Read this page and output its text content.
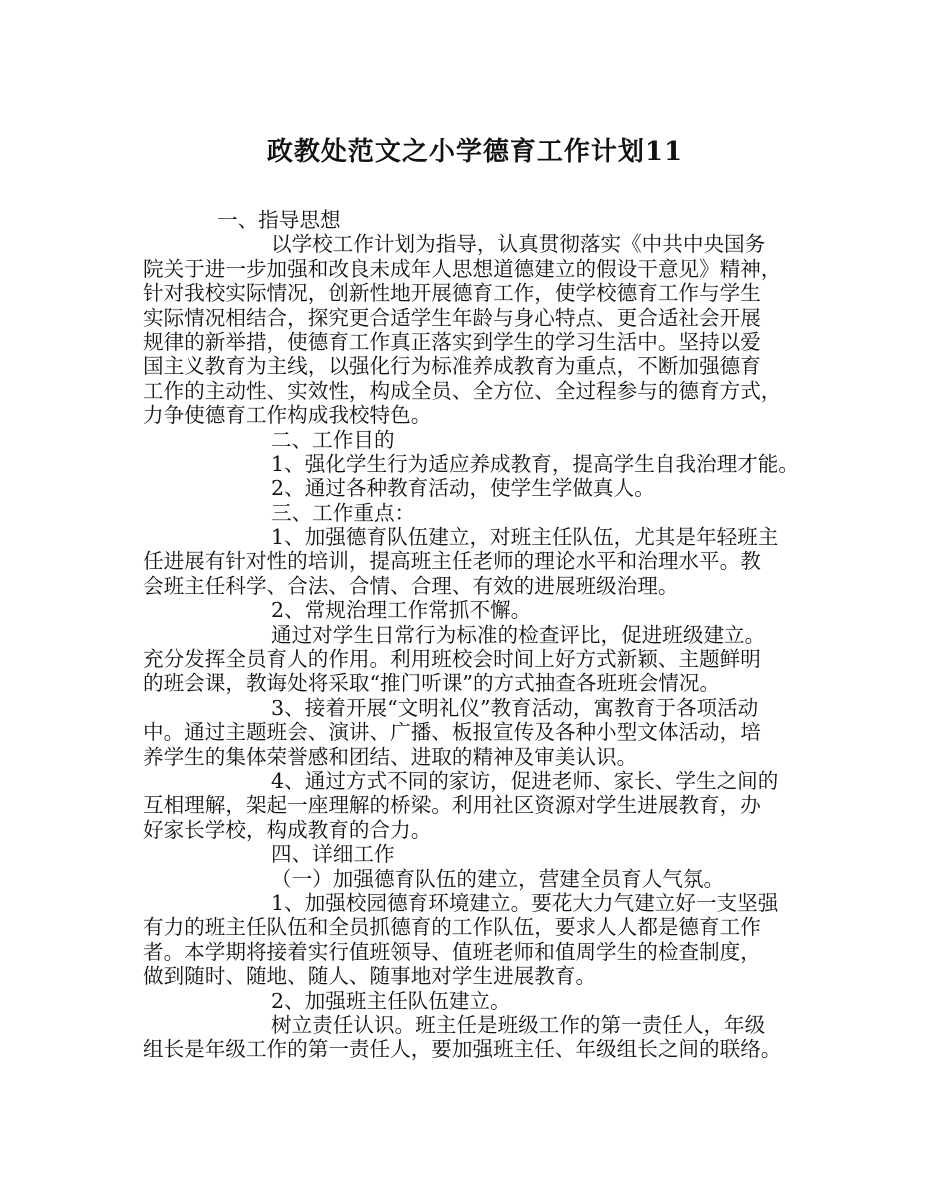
政教处范文之小学德育工作计划11
一、指导思想
以学校工作计划为指导，认真贯彻落实《中共中央国务
院关于进一步加强和改良未成年人思想道德建立的假设干意见》精神，
针对我校实际情况，创新性地开展德育工作，使学校德育工作与学生
实际情况相结合，探究更合适学生年龄与身心特点、更合适社会开展
规律的新举措，使德育工作真正落实到学生的学习生活中。坚持以爱
国主义教育为主线，以强化行为标准养成教育为重点，不断加强德育
工作的主动性、实效性，构成全员、全方位、全过程参与的德育方式，
力争使德育工作构成我校特色。
二、工作目的
1、强化学生行为适应养成教育，提高学生自我治理才能。
2、通过各种教育活动，使学生学做真人。
三、工作重点：
1、加强德育队伍建立，对班主任队伍，尤其是年轻班主
任进展有针对性的培训，提高班主任老师的理论水平和治理水平。教
会班主任科学、合法、合情、合理、有效的进展班级治理。
2、常规治理工作常抓不懈。
通过对学生日常行为标准的检查评比，促进班级建立。
充分发挥全员育人的作用。利用班校会时间上好方式新颖、主题鲜明
的班会课，教诲处将采取“推门听课”的方式抽查各班班会情况。
3、接着开展“文明礼仪”教育活动，寓教育于各项活动
中。通过主题班会、演讲、广播、板报宣传及各种小型文体活动，培
养学生的集体荣誉感和团结、进取的精神及审美认识。
4、通过方式不同的家访，促进老师、家长、学生之间的
互相理解，架起一座理解的桥梁。利用社区资源对学生进展教育，办
好家长学校，构成教育的合力。
四、详细工作
（一）加强德育队伍的建立，营建全员育人气氛。
1、加强校园德育环境建立。要花大力气建立好一支坚强
有力的班主任队伍和全员抓德育的工作队伍，要求人人都是德育工作
者。本学期将接着实行值班领导、值班老师和值周学生的检查制度，
做到随时、随地、随人、随事地对学生进展教育。
2、加强班主任队伍建立。
树立责任认识。班主任是班级工作的第一责任人，年级
组长是年级工作的第一责任人，要加强班主任、年级组长之间的联络。
